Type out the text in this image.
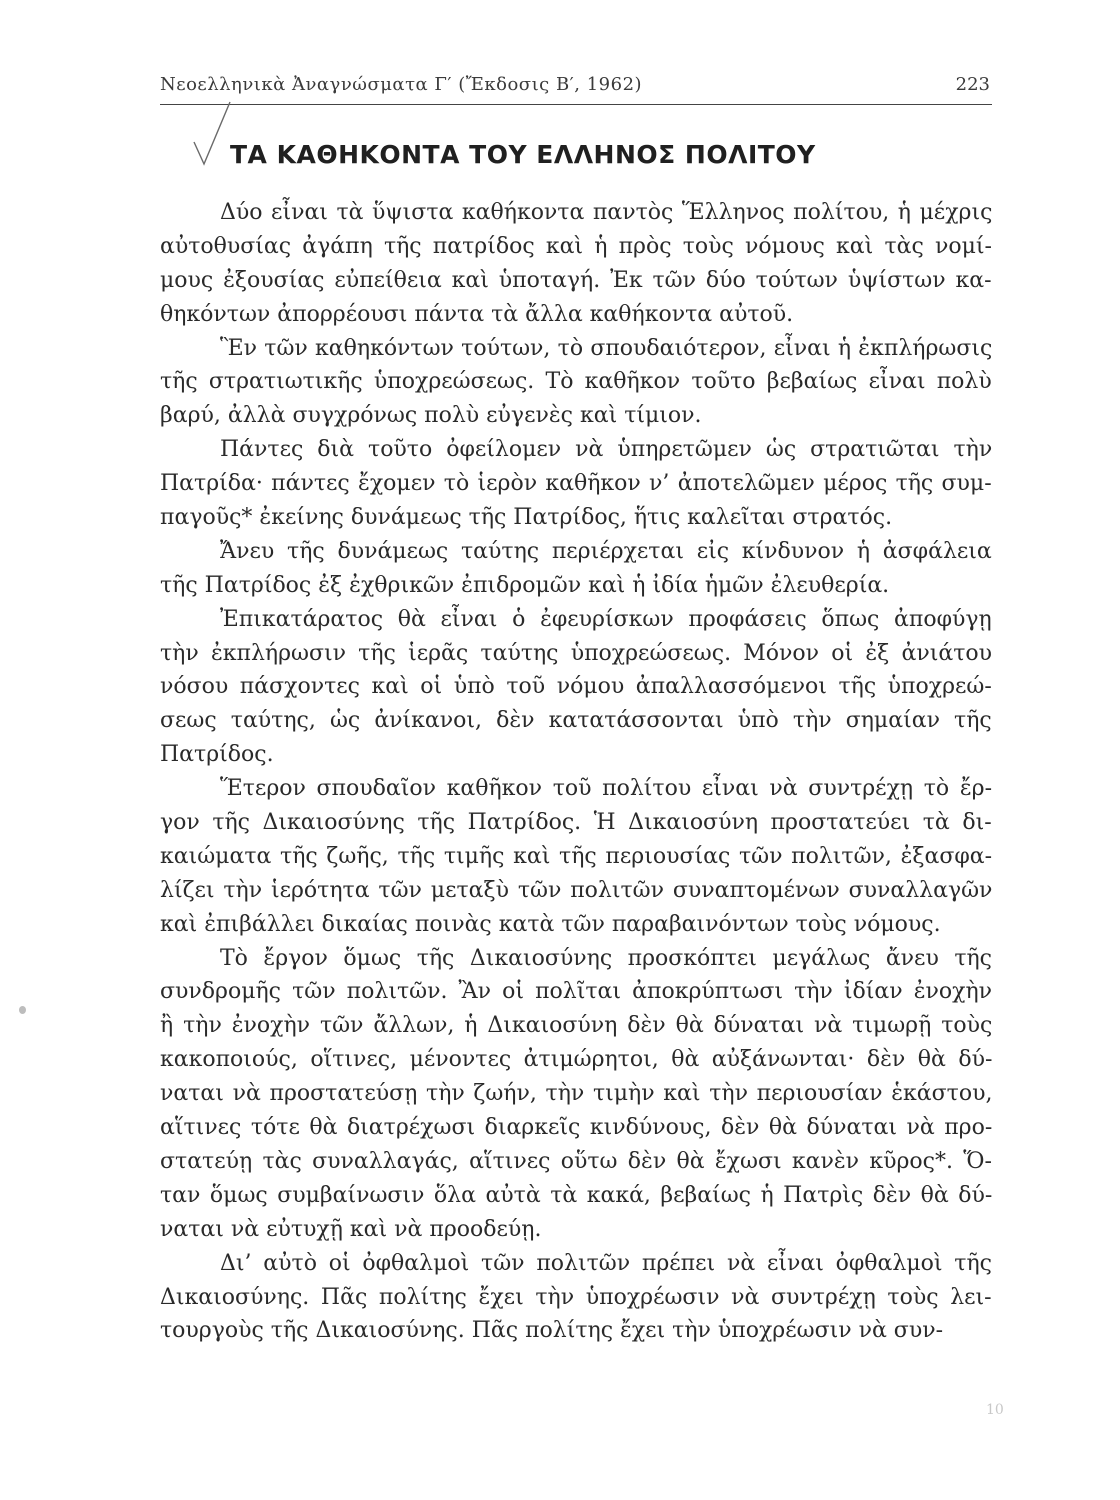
Νεοελληνικὰ Ἀναγνώσματα Γ′ (Ἔκδοσις Β′, 1962)	223
ΤΑ ΚΑΘΗΚΟΝΤΑ ΤΟΥ ΕΛΛΗΝΟΣ ΠΟΛΙΤΟΥ
Δύο εἶναι τὰ ὕψιστα καθήκοντα παντὸς Ἕλληνος πολίτου, ἡ μέχρις
αὐτοθυσίας ἀγάπη τῆς πατρίδος καὶ ἡ πρὸς τοὺς νόμους καὶ τὰς νομί-
μους ἐξουσίας εὐπείθεια καὶ ὑποταγή. Ἐκ τῶν δύο τούτων ὑψίστων κα-
θηκόντων ἀπορρέουσι πάντα τὰ ἄλλα καθήκοντα αὐτοῦ.
Ἓν τῶν καθηκόντων τούτων, τὸ σπουδαιότερον, εἶναι ἡ ἐκπλήρωσις
τῆς στρατιωτικῆς ὑποχρεώσεως. Τὸ καθῆκον τοῦτο βεβαίως εἶναι πολὺ
βαρύ, ἀλλὰ συγχρόνως πολὺ εὐγενὲς καὶ τίμιον.
Πάντες διὰ τοῦτο ὀφείλομεν νὰ ὑπηρετῶμεν ὡς στρατιῶται τὴν
Πατρίδα· πάντες ἔχομεν τὸ ἱερὸν καθῆκον ν’ ἀποτελῶμεν μέρος τῆς συμ-
παγοῦς* ἐκείνης δυνάμεως τῆς Πατρίδος, ἥτις καλεῖται στρατός.
Ἄνευ τῆς δυνάμεως ταύτης περιέρχεται εἰς κίνδυνον ἡ ἀσφάλεια
τῆς Πατρίδος ἐξ ἐχθρικῶν ἐπιδρομῶν καὶ ἡ ἰδία ἡμῶν ἐλευθερία.
Ἐπικατάρατος θὰ εἶναι ὁ ἐφευρίσκων προφάσεις ὅπως ἀποφύγῃ
τὴν ἐκπλήρωσιν τῆς ἱερᾶς ταύτης ὑποχρεώσεως. Μόνον οἱ ἐξ ἀνιάτου
νόσου πάσχοντες καὶ οἱ ὑπὸ τοῦ νόμου ἀπαλλασσόμενοι τῆς ὑποχρεώ-
σεως ταύτης, ὡς ἀνίκανοι, δὲν κατατάσσονται ὑπὸ τὴν σημαίαν τῆς
Πατρίδος.
Ἕτερον σπουδαῖον καθῆκον τοῦ πολίτου εἶναι νὰ συντρέχῃ τὸ ἔρ-
γον τῆς Δικαιοσύνης τῆς Πατρίδος. Ἡ Δικαιοσύνη προστατεύει τὰ δι-
καιώματα τῆς ζωῆς, τῆς τιμῆς καὶ τῆς περιουσίας τῶν πολιτῶν, ἐξασφα-
λίζει τὴν ἱερότητα τῶν μεταξὺ τῶν πολιτῶν συναπτομένων συναλλαγῶν
καὶ ἐπιβάλλει δικαίας ποινὰς κατὰ τῶν παραβαινόντων τοὺς νόμους.
Τὸ ἔργον ὅμως τῆς Δικαιοσύνης προσκόπτει μεγάλως ἄνευ τῆς
συνδρομῆς τῶν πολιτῶν. Ἂν οἱ πολῖται ἀποκρύπτωσι τὴν ἰδίαν ἐνοχὴν
ἢ τὴν ἐνοχὴν τῶν ἄλλων, ἡ Δικαιοσύνη δὲν θὰ δύναται νὰ τιμωρῇ τοὺς
κακοποιούς, οἵτινες, μένοντες ἀτιμώρητοι, θὰ αὐξάνωνται· δὲν θὰ δύ-
ναται νὰ προστατεύσῃ τὴν ζωήν, τὴν τιμὴν καὶ τὴν περιουσίαν ἑκάστου,
αἵτινες τότε θὰ διατρέχωσι διαρκεῖς κινδύνους, δὲν θὰ δύναται νὰ προ-
στατεύῃ τὰς συναλλαγάς, αἵτινες οὕτω δὲν θὰ ἔχωσι κανὲν κῦρος*. Ὅ-
ταν ὅμως συμβαίνωσιν ὅλα αὐτὰ τὰ κακά, βεβαίως ἡ Πατρὶς δὲν θὰ δύ-
ναται νὰ εὐτυχῇ καὶ νὰ προοδεύῃ.
Δι’ αὐτὸ οἱ ὀφθαλμοὶ τῶν πολιτῶν πρέπει νὰ εἶναι ὀφθαλμοὶ τῆς
Δικαιοσύνης. Πᾶς πολίτης ἔχει τὴν ὑποχρέωσιν νὰ συντρέχῃ τοὺς λει-
τουργοὺς τῆς Δικαιοσύνης. Πᾶς πολίτης ἔχει τὴν ὑποχρέωσιν νὰ συν-
10
